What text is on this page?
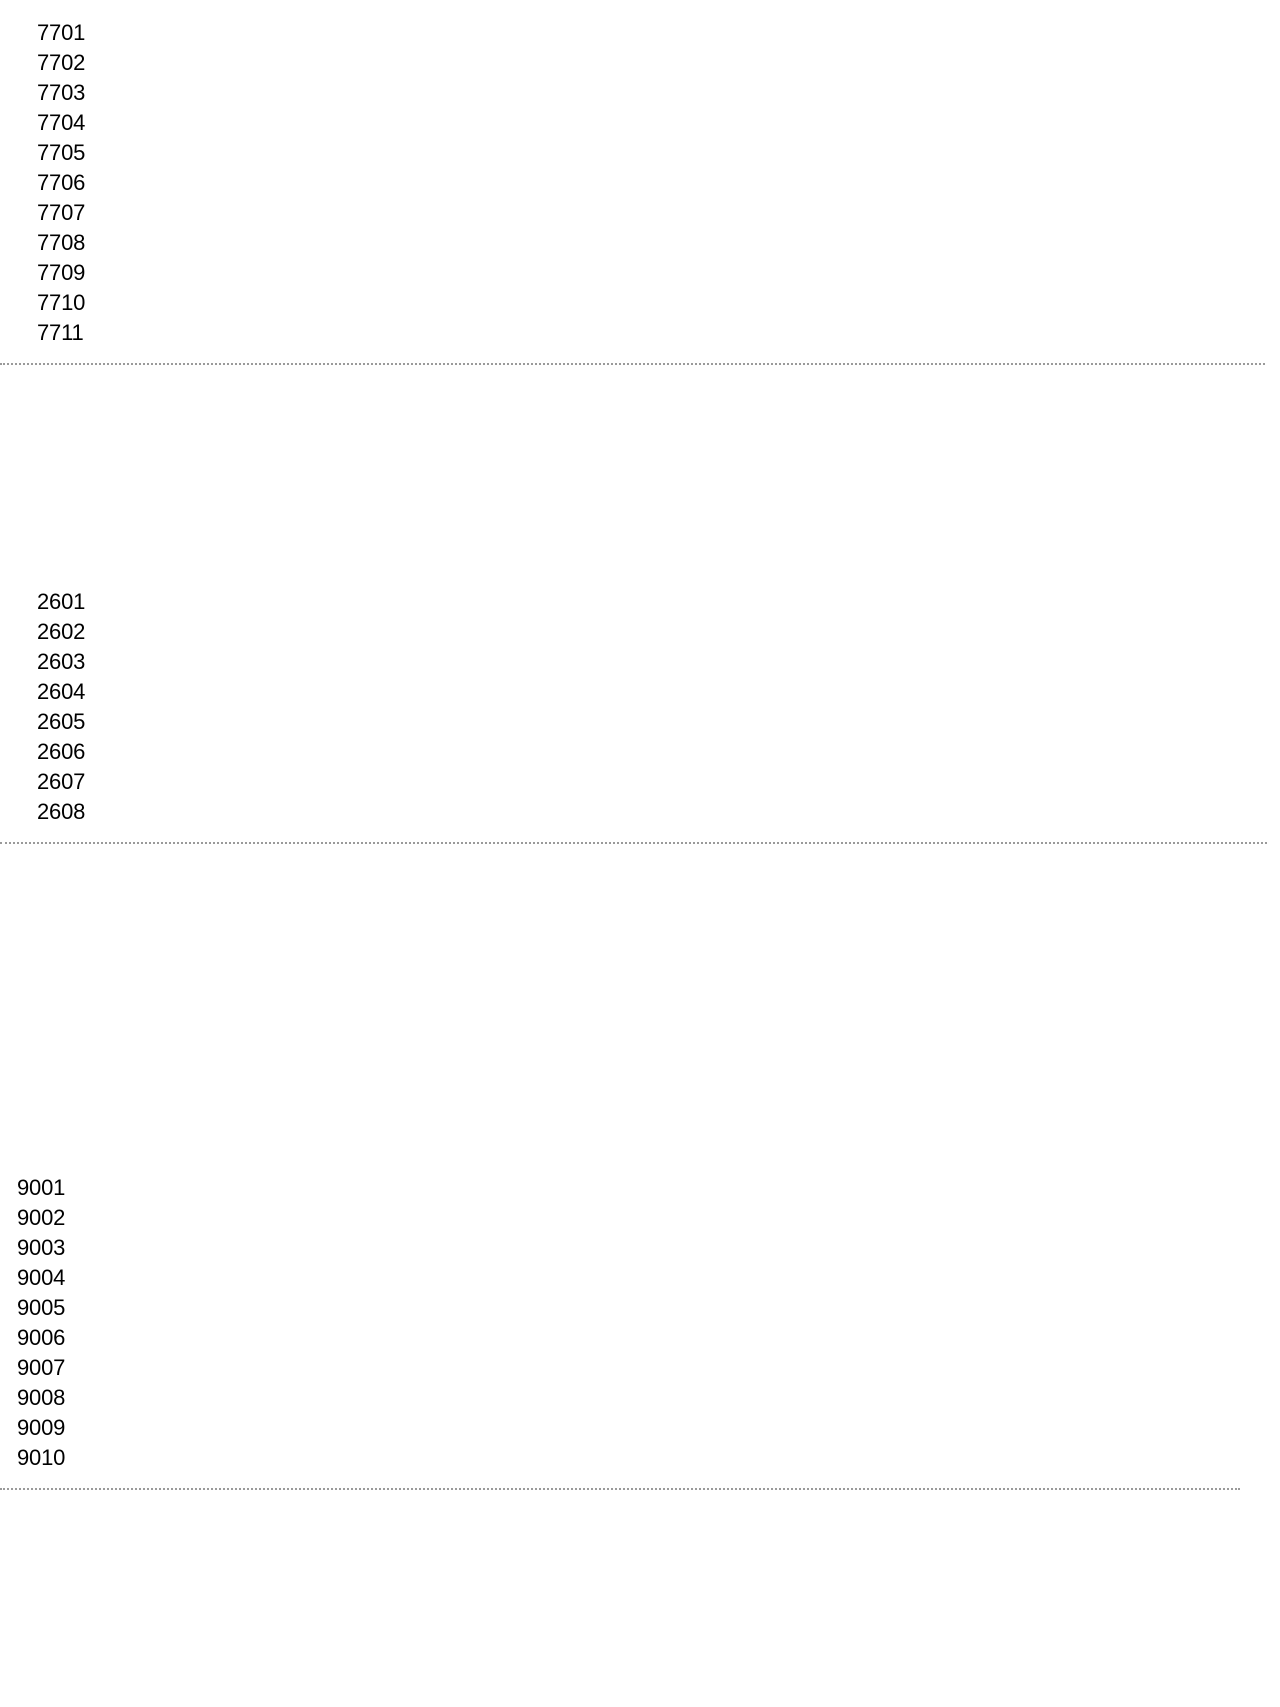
7701
7702
7703
7704
7705
7706
7707
7708
7709
7710
7711
2601
2602
2603
2604
2605
2606
2607
2608
9001
9002
9003
9004
9005
9006
9007
9008
9009
9010
